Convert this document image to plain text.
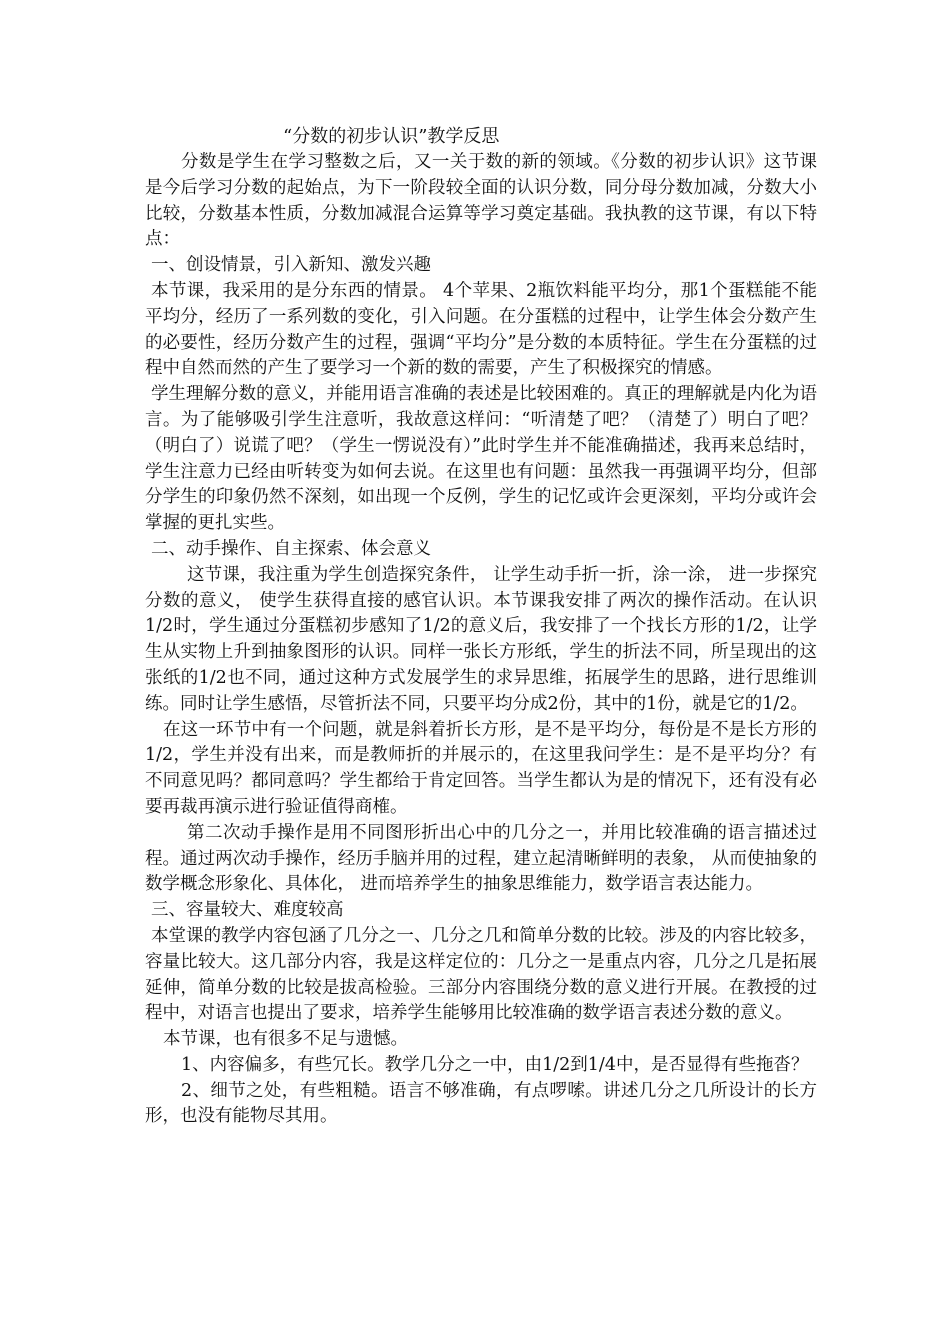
“分数的初步认识”教学反思

分数是学生在学习整数之后，又一关于数的新的领域。《分数的初步认识》这节课是今后学习分数的起始点，为下一阶段较全面的认识分数，同分母分数加减，分数大小比较，分数基本性质，分数加减混合运算等学习奠定基础。我执教的这节课，有以下特点：

一、创设情景，引入新知、激发兴趣

本节课，我采用的是分东西的情景。 4个苹果、2瓶饮料能平均分，那1个蛋糕能不能平均分，经历了一系列数的变化，引入问题。在分蛋糕的过程中，让学生体会分数产生的必要性，经历分数产生的过程，强调“平均分”是分数的本质特征。学生在分蛋糕的过程中自然而然的产生了要学习一个新的数的需要，产生了积极探究的情感。

学生理解分数的意义，并能用语言准确的表述是比较困难的。真正的理解就是内化为语言。为了能够吸引学生注意听，我故意这样问：“听清楚了吧？（清楚了）明白了吧？（明白了）说谎了吧？（学生一愣说没有）”此时学生并不能准确描述，我再来总结时，学生注意力已经由听转变为如何去说。在这里也有问题：虽然我一再强调平均分，但部分学生的印象仍然不深刻，如出现一个反例，学生的记忆或许会更深刻，平均分或许会掌握的更扎实些。

二、动手操作、自主探索、体会意义

这节课，我注重为学生创造探究条件， 让学生动手折一折，涂一涂， 进一步探究分数的意义， 使学生获得直接的感官认识。本节课我安排了两次的操作活动。在认识1/2时，学生通过分蛋糕初步感知了1/2的意义后，我安排了一个找长方形的1/2，让学生从实物上升到抽象图形的认识。同样一张长方形纸，学生的折法不同，所呈现出的这张纸的1/2也不同，通过这种方式发展学生的求异思维，拓展学生的思路，进行思维训练。同时让学生感悟，尽管折法不同，只要平均分成2份，其中的1份，就是它的1/2。

在这一环节中有一个问题，就是斜着折长方形，是不是平均分，每份是不是长方形的1/2，学生并没有出来，而是教师折的并展示的，在这里我问学生：是不是平均分？有不同意见吗？都同意吗？学生都给于肯定回答。当学生都认为是的情况下，还有没有必要再裁再演示进行验证值得商榷。

第二次动手操作是用不同图形折出心中的几分之一，并用比较准确的语言描述过程。通过两次动手操作，经历手脑并用的过程，建立起清晰鲜明的表象， 从而使抽象的数学概念形象化、具体化， 进而培养学生的抽象思维能力，数学语言表达能力。

三、容量较大、难度较高

本堂课的教学内容包涵了几分之一、几分之几和简单分数的比较。涉及的内容比较多，容量比较大。这几部分内容，我是这样定位的：几分之一是重点内容，几分之几是拓展延伸，简单分数的比较是拔高检验。三部分内容围绕分数的意义进行开展。在教授的过程中，对语言也提出了要求，培养学生能够用比较准确的数学语言表述分数的意义。

本节课，也有很多不足与遗憾。

1、内容偏多，有些冗长。教学几分之一中，由1/2到1/4中，是否显得有些拖沓？

2、细节之处，有些粗糙。语言不够准确，有点啰嗦。讲述几分之几所设计的长方形，也没有能物尽其用。
